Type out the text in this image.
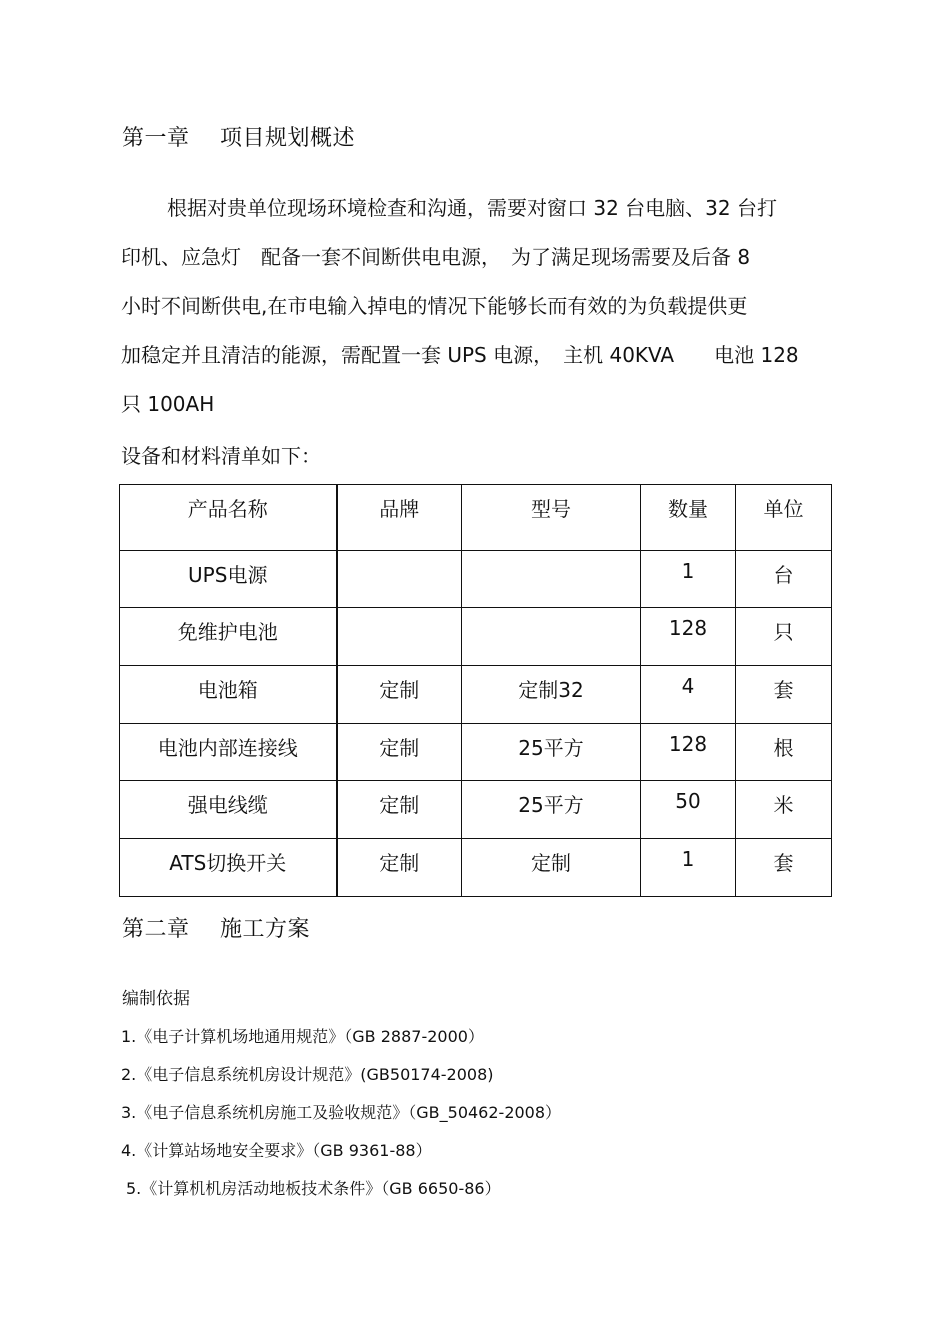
第一章 项目规划概述
根据对贵单位现场环境检查和沟通，需要对窗口 32 台电脑、32 台打
印机、应急灯　配备一套不间断供电电源，　为了满足现场需要及后备 8
小时不间断供电,在市电输入掉电的情况下能够长而有效的为负载提供更
加稳定并且清洁的能源，需配置一套 UPS 电源，　主机 40KVA　　电池 128
只 100AH
设备和材料清单如下：
产品名称	品牌	型号	数量	单位
UPS电源			1	台
免维护电池			128	只
电池箱	定制	定制32	4	套
电池内部连接线	定制	25平方	128	根
强电线缆	定制	25平方	50	米
ATS切换开关	定制	定制	1	套
第二章 施工方案
编制依据
1.《电子计算机场地通用规范》（GB 2887-2000）
2.《电子信息系统机房设计规范》(GB50174-2008)
3.《电子信息系统机房施工及验收规范》（GB_50462-2008）
4.《计算站场地安全要求》（GB 9361-88）
5.《计算机机房活动地板技术条件》（GB 6650-86）
